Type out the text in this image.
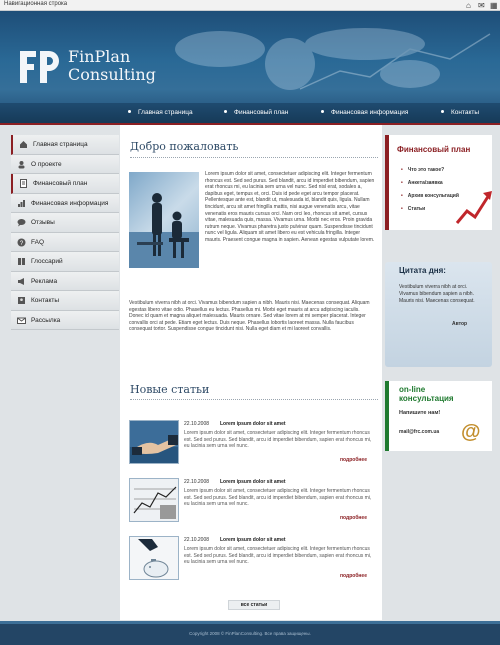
Навигационная строка	⌂ ✉ ▦
FinPlan
Consulting
Главная страница	Финансовый план	Финансовая информация	Контакты
Главная страница
О проекте
Финансовый план
Финансовая информация
Отзывы
? FAQ
Глоссарий
Реклама
Контакты
Рассылка
Добро пожаловать
Lorem ipsum dolor sit amet, consectetuer adipiscing elit. Integer fermentum rhoncus est. Sed sed purus. Sed blandit, arcu id imperdiet bibendum, sapien erat rhoncus mi, eu lacinia sem urna vel nunc. Sed nisl erat, sodales a, dapibus eget, tempus et, orci. Duis id pede eget arcu tempor placerat. Pellentesque ante est, blandit ut, malesuada id, blandit quis, ligula. Nullam tincidunt, arcu sit amet fringilla mattis, nisi augue venenatis arcu, vitae venenatis eros mauris cursus orci. Nam orci leo, rhoncus sit amet, cursus vitae, malesuada quis, massa. Vivamus urna. Morbi nec eros. Proin gravida rutrum neque. Vivamus pharetra justo pulvinar quam. Suspendisse tincidunt nunc vel ligula. Aliquam sit amet libero eu est vehicula fringilla. Integer mauris. Praesent congue magna in sapien. Aenean egestas vulputate lorem.
Vestibulum viverra nibh at orci. Vivamus bibendum sapien a nibh. Mauris nisi. Maecenas consequat. Aliquam egestas libero vitae odio. Phasellus eu lectus. Phasellus mi. Morbi eget mauris at arcu adipiscing iaculis. Donec id quam et magna aliquet malesuada. Mauris ornare. Sed vitae lorem at mi semper placerat. Integer convallis orci at pede. Etiam eget lectus. Duis neque. Phasellus lobortis laoreet massa. Nulla faucibus consequat tortor. Suspendisse congue tincidunt nisi. Nulla eget diam et mi laoreet convallis.
Новые статьи
22.10.2008 Lorem ipsum dolor sit amet
Lorem ipsum dolor sit amet, consectetuer adipiscing elit. Integer fermentum rhoncus est. Sed sed purus. Sed blandit, arcu id imperdiet bibendum, sapien erat rhoncus mi, eu lacinia sem urna vel nunc.
подробнее
22.10.2008 Lorem ipsum dolor sit amet
Lorem ipsum dolor sit amet, consectetuer adipiscing elit. Integer fermentum rhoncus est. Sed sed purus. Sed blandit, arcu id imperdiet bibendum, sapien erat rhoncus mi, eu lacinia sem urna vel nunc.
подробнее
22.10.2008 Lorem ipsum dolor sit amet
Lorem ipsum dolor sit amet, consectetuer adipiscing elit. Integer fermentum rhoncus est. Sed sed purus. Sed blandit, arcu id imperdiet bibendum, sapien erat rhoncus mi, eu lacinia sem urna vel nunc.
подробнее
все статьи
Финансовый план
• Что это такое?
• Анкета/заявка
• Архив консультаций
• Статьи
Цитата дня:
Vestibulum viverra nibh at orci. Vivamus bibendum sapien a nibh. Mauris nisi. Maecenas consequat.
Автор
on-line
консультация
Напишите нам!
mail@frc.com.ua @
Copyright 2008 © FinPlanConsulting. Все права защищены.
